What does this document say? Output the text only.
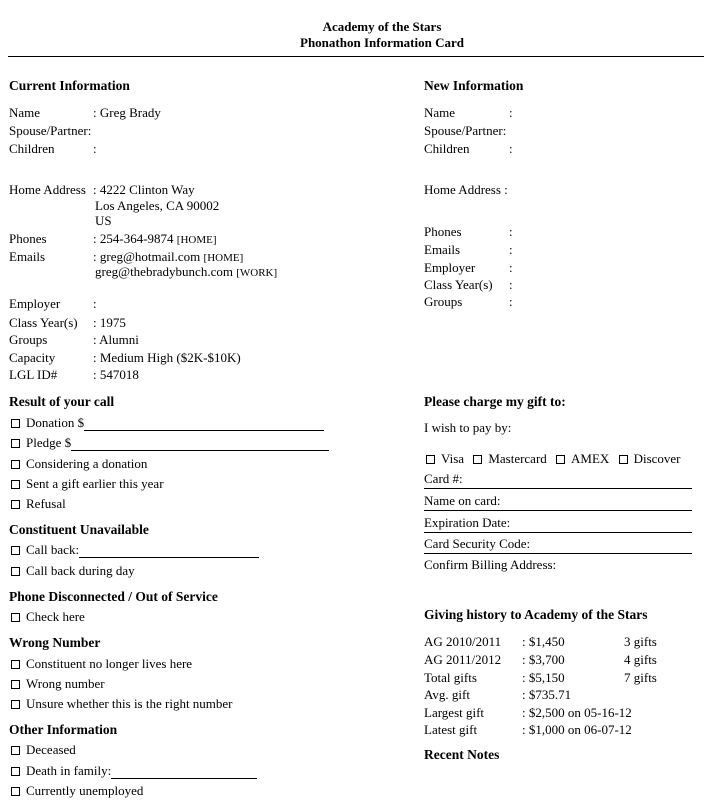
Academy of the Stars
Phonathon Information Card
Current Information
Name	: Greg Brady
Spouse/Partner:
Children	:
Home Address : 4222 Clinton Way
Los Angeles, CA 90002
US
Phones	: 254-364-9874 [HOME]
Emails	: greg@hotmail.com [HOME]
greg@thebradybunch.com [WORK]
Employer	:
Class Year(s) : 1975
Groups	: Alumni
Capacity	: Medium High ($2K-$10K)
LGL ID#	: 547018
New Information
Name	:
Spouse/Partner:
Children	:
Home Address :
Phones	:
Emails	:
Employer	:
Class Year(s) :
Groups	:
Result of your call
Donation $
Pledge $
Considering a donation
Sent a gift earlier this year
Refusal
Constituent Unavailable
Call back:
Call back during day
Phone Disconnected / Out of Service
Check here
Wrong Number
Constituent no longer lives here
Wrong number
Unsure whether this is the right number
Other Information
Deceased
Death in family:
Currently unemployed
Please charge my gift to:
I wish to pay by:
Visa Mastercard AMEX Discover
Card #:
Name on card:
Expiration Date:
Card Security Code:
Confirm Billing Address:
Giving history to Academy of the Stars
AG 2010/2011 : $1,450	3 gifts
AG 2011/2012 : $3,700	4 gifts
Total gifts	: $5,150	7 gifts
Avg. gift	: $735.71
Largest gift	: $2,500 on 05-16-12
Latest gift	: $1,000 on 06-07-12
Recent Notes
